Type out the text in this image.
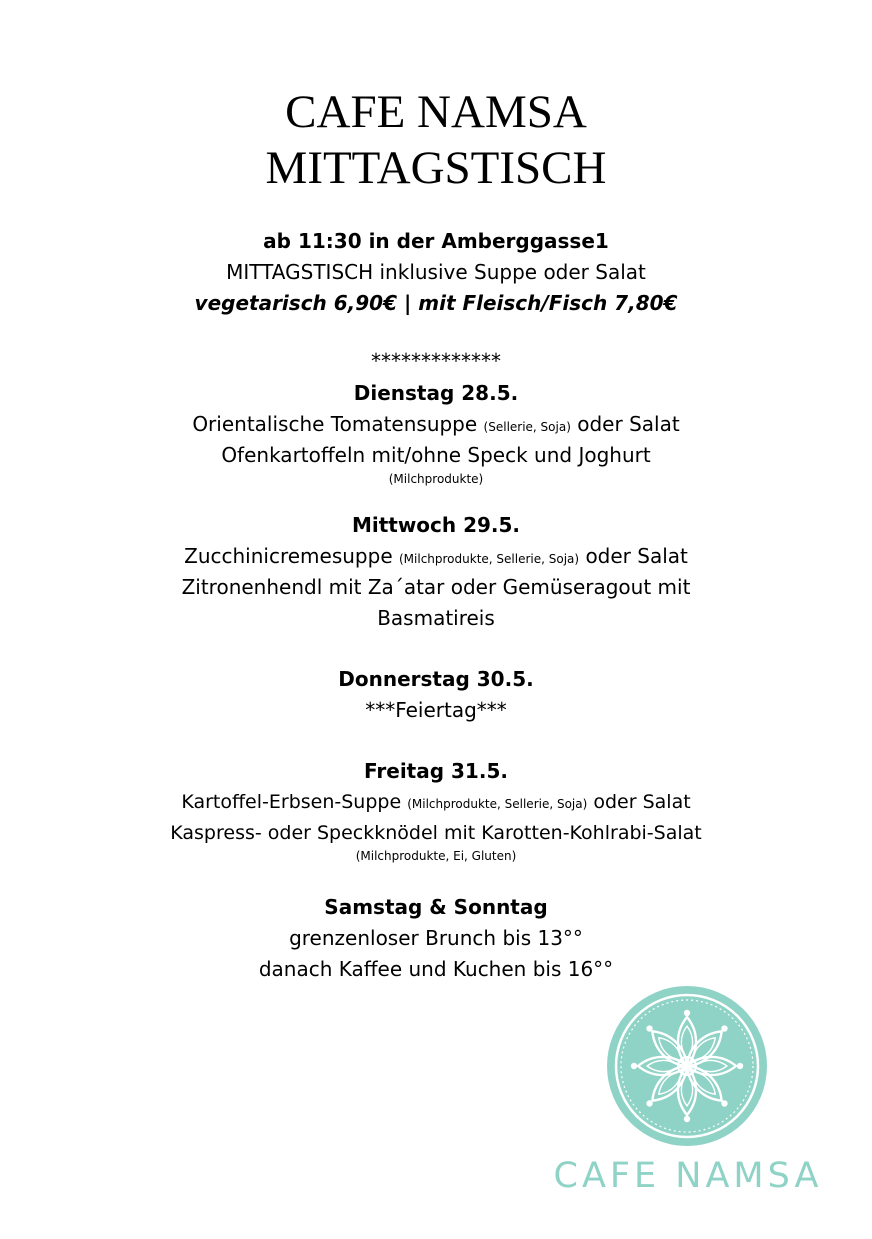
CAFE NAMSA
MITTAGSTISCH
ab 11:30 in der Amberggasse1
MITTAGSTISCH inklusive Suppe oder Salat
vegetarisch 6,90€ | mit Fleisch/Fisch 7,80€
*************
Dienstag 28.5.
Orientalische Tomatensuppe (Sellerie, Soja) oder Salat
Ofenkartoffeln mit/ohne Speck und Joghurt
(Milchprodukte)
Mittwoch 29.5.
Zucchinicremesuppe (Milchprodukte, Sellerie, Soja) oder Salat
Zitronenhendl mit Za´atar oder Gemüseragout mit
Basmatireis
Donnerstag 30.5.
***Feiertag***
Freitag 31.5.
Kartoffel-Erbsen-Suppe (Milchprodukte, Sellerie, Soja) oder Salat
Kaspress- oder Speckknödel mit Karotten-Kohlrabi-Salat
(Milchprodukte, Ei, Gluten)
Samstag & Sonntag
grenzenloser Brunch bis 13°°
danach Kaffee und Kuchen bis 16°°
CAFE NAMSA
